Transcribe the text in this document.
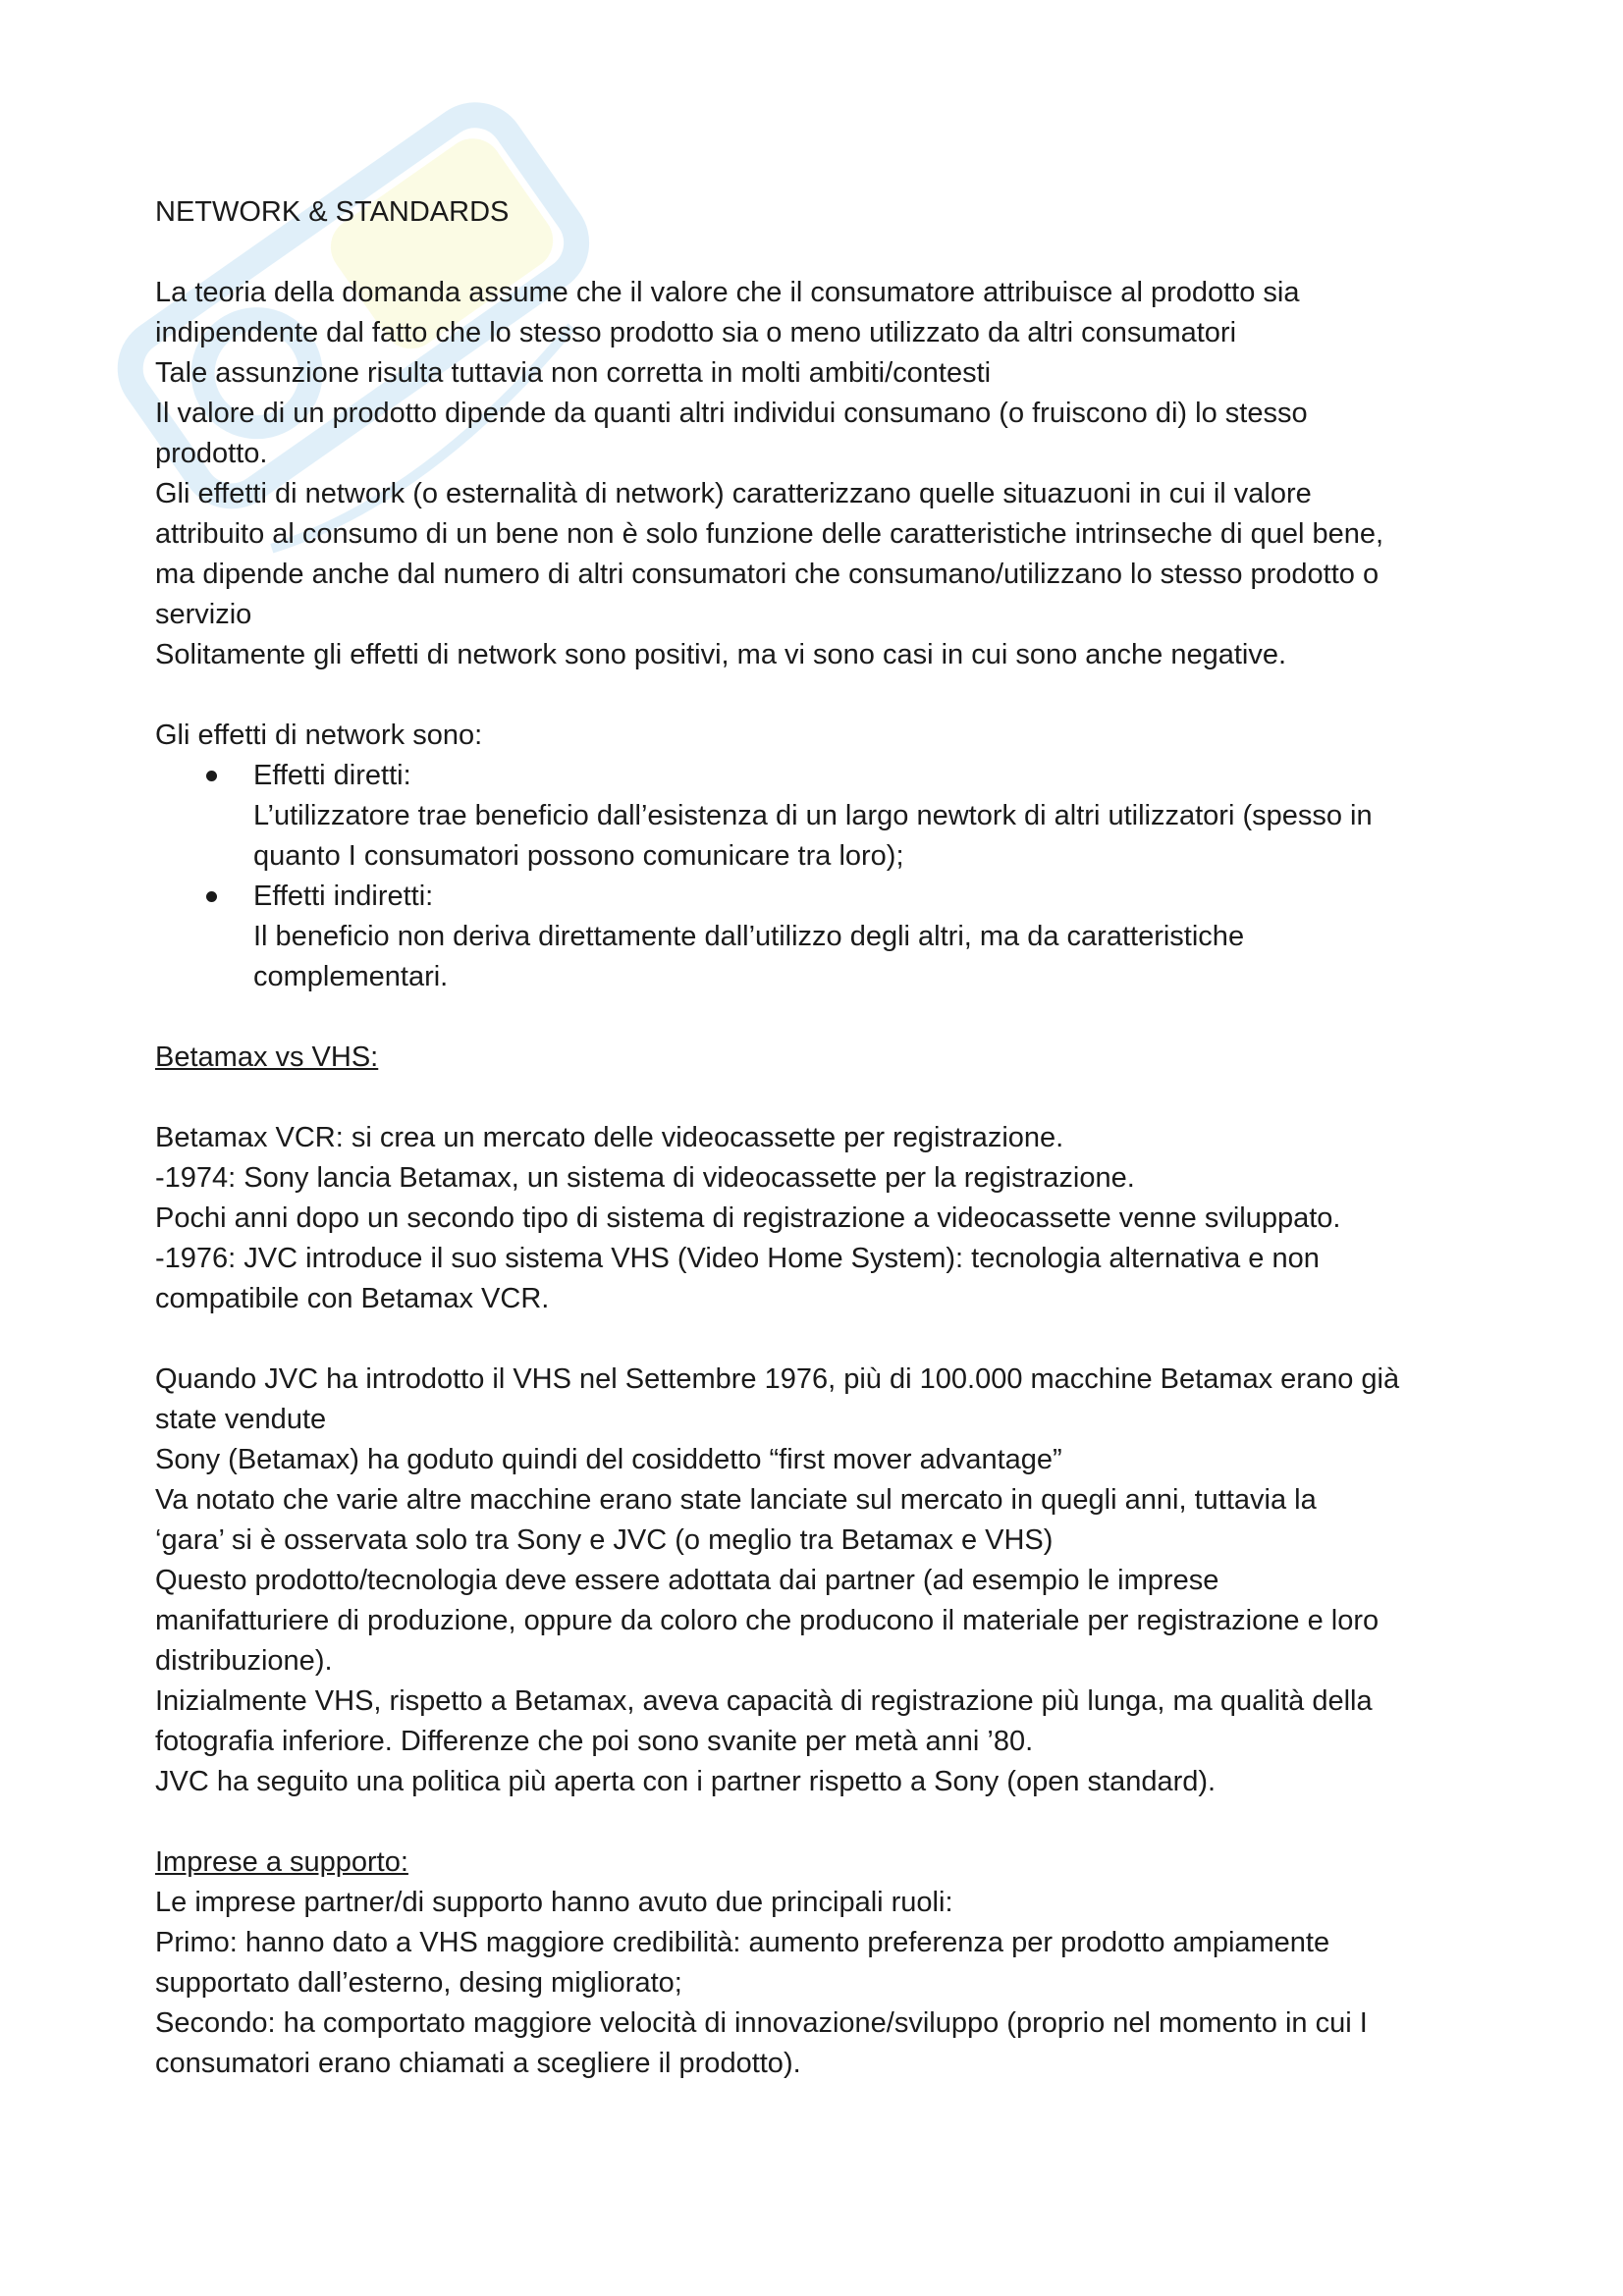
NETWORK & STANDARDS

La teoria della domanda assume che il valore che il consumatore attribuisce al prodotto sia

indipendente dal fatto che lo stesso prodotto sia o meno utilizzato da altri consumatori

Tale assunzione risulta tuttavia non corretta in molti ambiti/contesti

Il valore di un prodotto dipende da quanti altri individui consumano (o fruiscono di) lo stesso

prodotto.

Gli effetti di network (o esternalità di network) caratterizzano quelle situazuoni in cui il valore

attribuito al consumo di un bene non è solo funzione delle caratteristiche intrinseche di quel bene,

ma dipende anche dal numero di altri consumatori che consumano/utilizzano lo stesso prodotto o

servizio

Solitamente gli effetti di network sono positivi, ma vi sono casi in cui sono anche negative.

Gli effetti di network sono:

Effetti diretti:

L’utilizzatore trae beneficio dall’esistenza di un largo newtork di altri utilizzatori (spesso in

quanto I consumatori possono comunicare tra loro);

Effetti indiretti:

Il beneficio non deriva direttamente dall’utilizzo degli altri, ma da caratteristiche

complementari.

Betamax vs VHS:

Betamax VCR: si crea un mercato delle videocassette per registrazione.

-1974: Sony lancia Betamax, un sistema di videocassette per la registrazione.

Pochi anni dopo un secondo tipo di sistema di registrazione a videocassette venne sviluppato.

-1976: JVC introduce il suo sistema VHS (Video Home System): tecnologia alternativa e non

compatibile con Betamax VCR.

Quando JVC ha introdotto il VHS nel Settembre 1976, più di 100.000 macchine Betamax erano già

state vendute

Sony (Betamax) ha goduto quindi del cosiddetto “first mover advantage”

Va notato che varie altre macchine erano state lanciate sul mercato in quegli anni, tuttavia la

‘gara’ si è osservata solo tra Sony e JVC (o meglio tra Betamax e VHS)

Questo prodotto/tecnologia deve essere adottata dai partner (ad esempio le imprese

manifatturiere di produzione, oppure da coloro che producono il materiale per registrazione e loro

distribuzione).

Inizialmente VHS, rispetto a Betamax, aveva capacità di registrazione più lunga, ma qualità della

fotografia inferiore. Differenze che poi sono svanite per metà anni ’80.

JVC ha seguito una politica più aperta con i partner rispetto a Sony (open standard).

Imprese a supporto:

Le imprese partner/di supporto hanno avuto due principali ruoli:

Primo: hanno dato a VHS maggiore credibilità: aumento preferenza per prodotto ampiamente

supportato dall’esterno, desing migliorato;

Secondo: ha comportato maggiore velocità di innovazione/sviluppo (proprio nel momento in cui I

consumatori erano chiamati a scegliere il prodotto).
